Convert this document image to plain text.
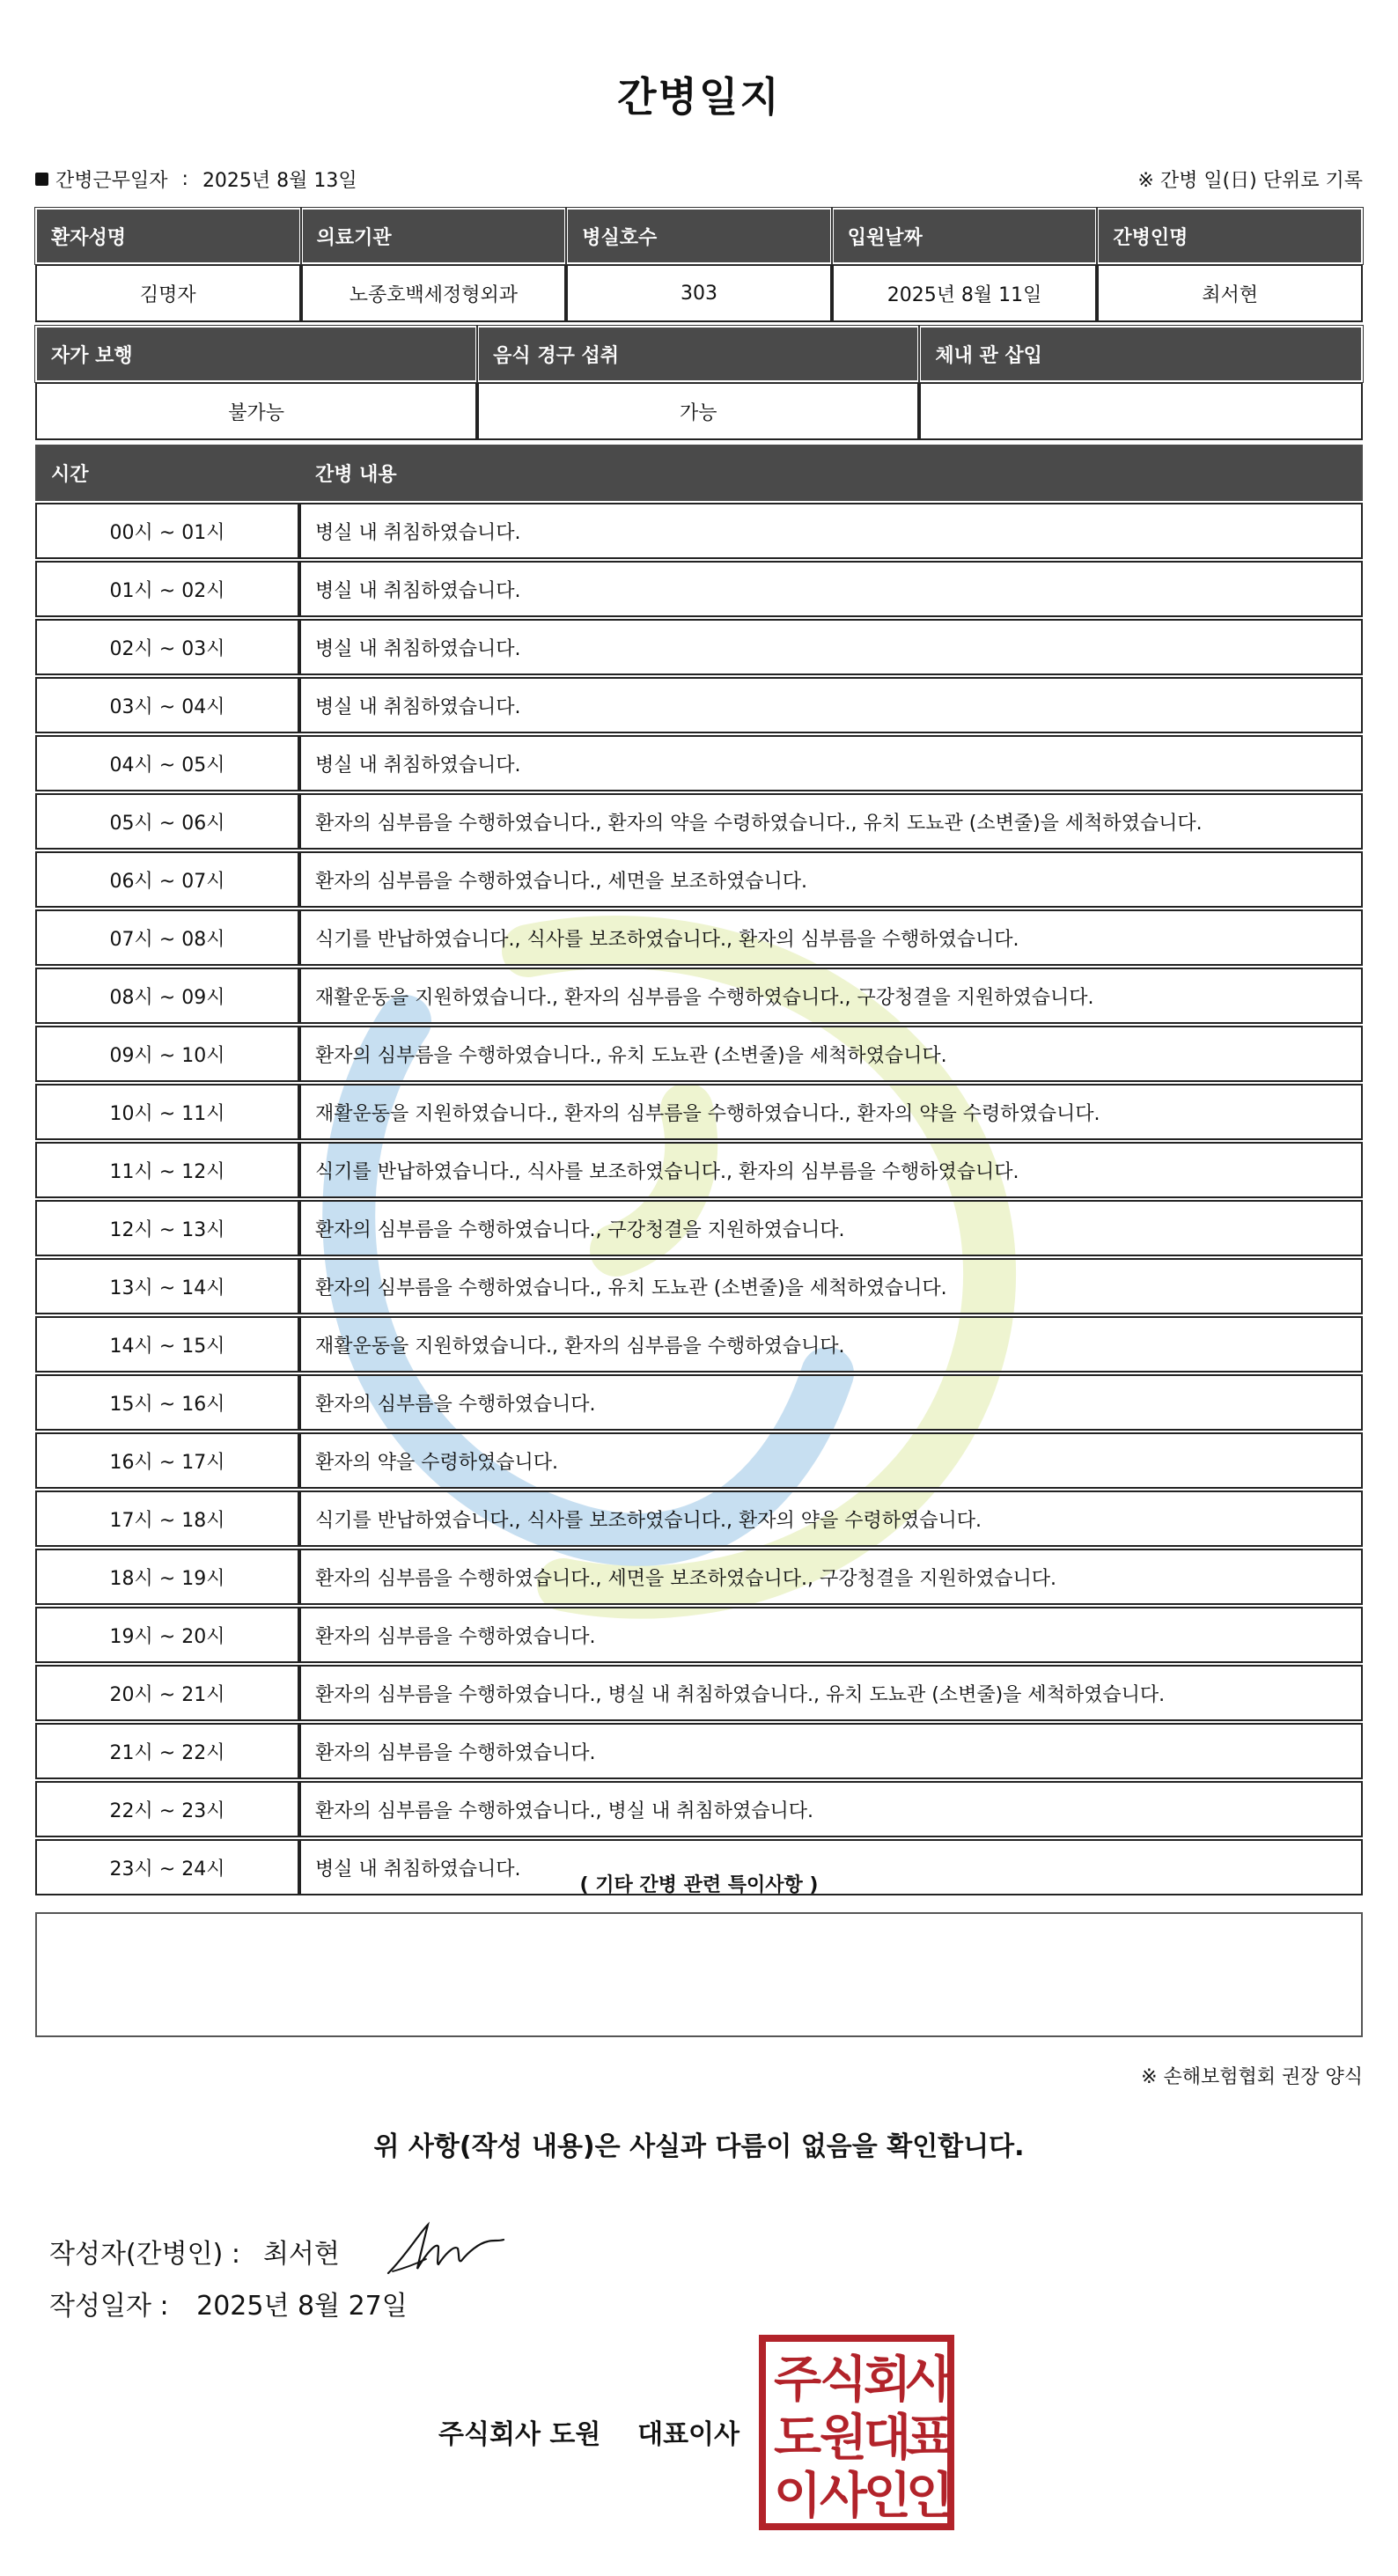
간병일지
간병근무일자 : 2025년 8월 13일	※ 간병 일(日) 단위로 기록
환자성명	의료기관	병실호수	입원날짜	간병인명
김명자	노종호백세정형외과	303	2025년 8월 11일	최서현
자가 보행	음식 경구 섭취	체내 관 삽입
불가능	가능	
시간	간병 내용
00시 ~ 01시	병실 내 취침하였습니다.
01시 ~ 02시	병실 내 취침하였습니다.
02시 ~ 03시	병실 내 취침하였습니다.
03시 ~ 04시	병실 내 취침하였습니다.
04시 ~ 05시	병실 내 취침하였습니다.
05시 ~ 06시	환자의 심부름을 수행하였습니다., 환자의 약을 수령하였습니다., 유치 도뇨관 (소변줄)을 세척하였습니다.
06시 ~ 07시	환자의 심부름을 수행하였습니다., 세면을 보조하였습니다.
07시 ~ 08시	식기를 반납하였습니다., 식사를 보조하였습니다., 환자의 심부름을 수행하였습니다.
08시 ~ 09시	재활운동을 지원하였습니다., 환자의 심부름을 수행하였습니다., 구강청결을 지원하였습니다.
09시 ~ 10시	환자의 심부름을 수행하였습니다., 유치 도뇨관 (소변줄)을 세척하였습니다.
10시 ~ 11시	재활운동을 지원하였습니다., 환자의 심부름을 수행하였습니다., 환자의 약을 수령하였습니다.
11시 ~ 12시	식기를 반납하였습니다., 식사를 보조하였습니다., 환자의 심부름을 수행하였습니다.
12시 ~ 13시	환자의 심부름을 수행하였습니다., 구강청결을 지원하였습니다.
13시 ~ 14시	환자의 심부름을 수행하였습니다., 유치 도뇨관 (소변줄)을 세척하였습니다.
14시 ~ 15시	재활운동을 지원하였습니다., 환자의 심부름을 수행하였습니다.
15시 ~ 16시	환자의 심부름을 수행하였습니다.
16시 ~ 17시	환자의 약을 수령하였습니다.
17시 ~ 18시	식기를 반납하였습니다., 식사를 보조하였습니다., 환자의 약을 수령하였습니다.
18시 ~ 19시	환자의 심부름을 수행하였습니다., 세면을 보조하였습니다., 구강청결을 지원하였습니다.
19시 ~ 20시	환자의 심부름을 수행하였습니다.
20시 ~ 21시	환자의 심부름을 수행하였습니다., 병실 내 취침하였습니다., 유치 도뇨관 (소변줄)을 세척하였습니다.
21시 ~ 22시	환자의 심부름을 수행하였습니다.
22시 ~ 23시	환자의 심부름을 수행하였습니다., 병실 내 취침하였습니다.
23시 ~ 24시	병실 내 취침하였습니다.
( 기타 간병 관련 특이사항 )
※ 손해보험협회 권장 양식
위 사항(작성 내용)은 사실과 다름이 없음을 확인합니다.
작성자(간병인) : 최서현
작성일자 : 2025년 8월 27일
주식회사 도원    대표이사
주
식
회
사
도
원
대
표
이
사
인
인
